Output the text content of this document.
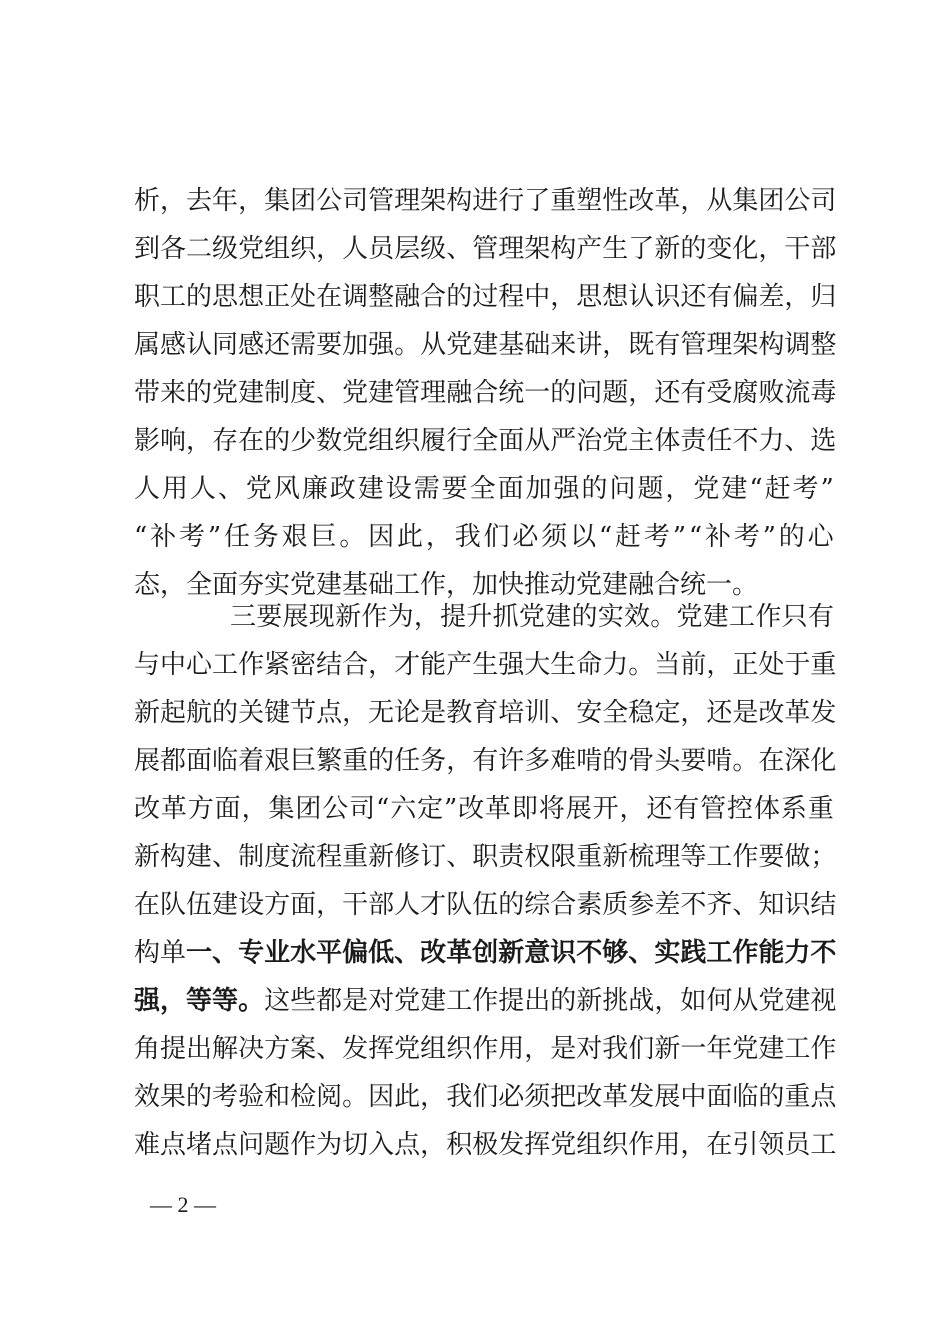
析 ， 去 年 ， 集 团 公 司 管 理 架 构 进 行 了 重 塑 性 改 革 ， 从 集 团 公 司
到 各 二 级 党 组 织 ， 人 员 层 级 、 管 理 架 构 产 生 了 新 的 变 化 ， 干 部
职 工 的 思 想 正 处 在 调 整 融 合 的 过 程 中 ， 思 想 认 识 还 有 偏 差 ， 归
属 感 认 同 感 还 需 要 加 强 。 从 党 建 基 础 来 讲 ， 既 有 管 理 架 构 调 整
带 来 的 党 建 制 度 、 党 建 管 理 融 合 统 一 的 问 题 ， 还 有 受 腐 败 流 毒
影 响 ， 存 在 的 少 数 党 组 织 履 行 全 面 从 严 治 党 主 体 责 任 不 力 、 选
人 用 人 、 党 风 廉 政 建 设 需 要 全 面 加 强 的 问 题 ， 党 建 “ 赶 考 ”
“ 补 考 ” 任 务 艰 巨 。 因 此 ， 我 们 必 须 以 “ 赶 考 ” “ 补 考 ” 的 心
态，全面夯实党建基础工作，加快推动党建融合统一。
三 要 展 现 新 作 为 ， 提 升 抓 党 建 的 实 效 。 党 建 工 作 只 有
与 中 心 工 作 紧 密 结 合 ， 才 能 产 生 强 大 生 命 力 。 当 前 ， 正 处 于 重
新 起 航 的 关 键 节 点 ， 无 论 是 教 育 培 训 、 安 全 稳 定 ， 还 是 改 革 发
展 都 面 临 着 艰 巨 繁 重 的 任 务 ， 有 许 多 难 啃 的 骨 头 要 啃 。 在 深 化
改 革 方 面 ， 集 团 公 司 “ 六 定 ” 改 革 即 将 展 开 ， 还 有 管 控 体 系 重
新 构 建 、 制 度 流 程 重 新 修 订 、 职 责 权 限 重 新 梳 理 等 工 作 要 做 ；
在 队 伍 建 设 方 面 ， 干 部 人 才 队 伍 的 综 合 素 质 参 差 不 齐 、 知 识 结
构 单 一 、 专 业 水 平 偏 低 、 改 革 创 新 意 识 不 够 、 实 践 工 作 能 力 不
强 ， 等 等 。 这 些 都 是 对 党 建 工 作 提 出 的 新 挑 战 ， 如 何 从 党 建 视
角 提 出 解 决 方 案 、 发 挥 党 组 织 作 用 ， 是 对 我 们 新 一 年 党 建 工 作
效 果 的 考 验 和 检 阅 。 因 此 ， 我 们 必 须 把 改 革 发 展 中 面 临 的 重 点
难 点 堵 点 问 题 作 为 切 入 点 ， 积 极 发 挥 党 组 织 作 用 ， 在 引 领 员 工
— 2 —
